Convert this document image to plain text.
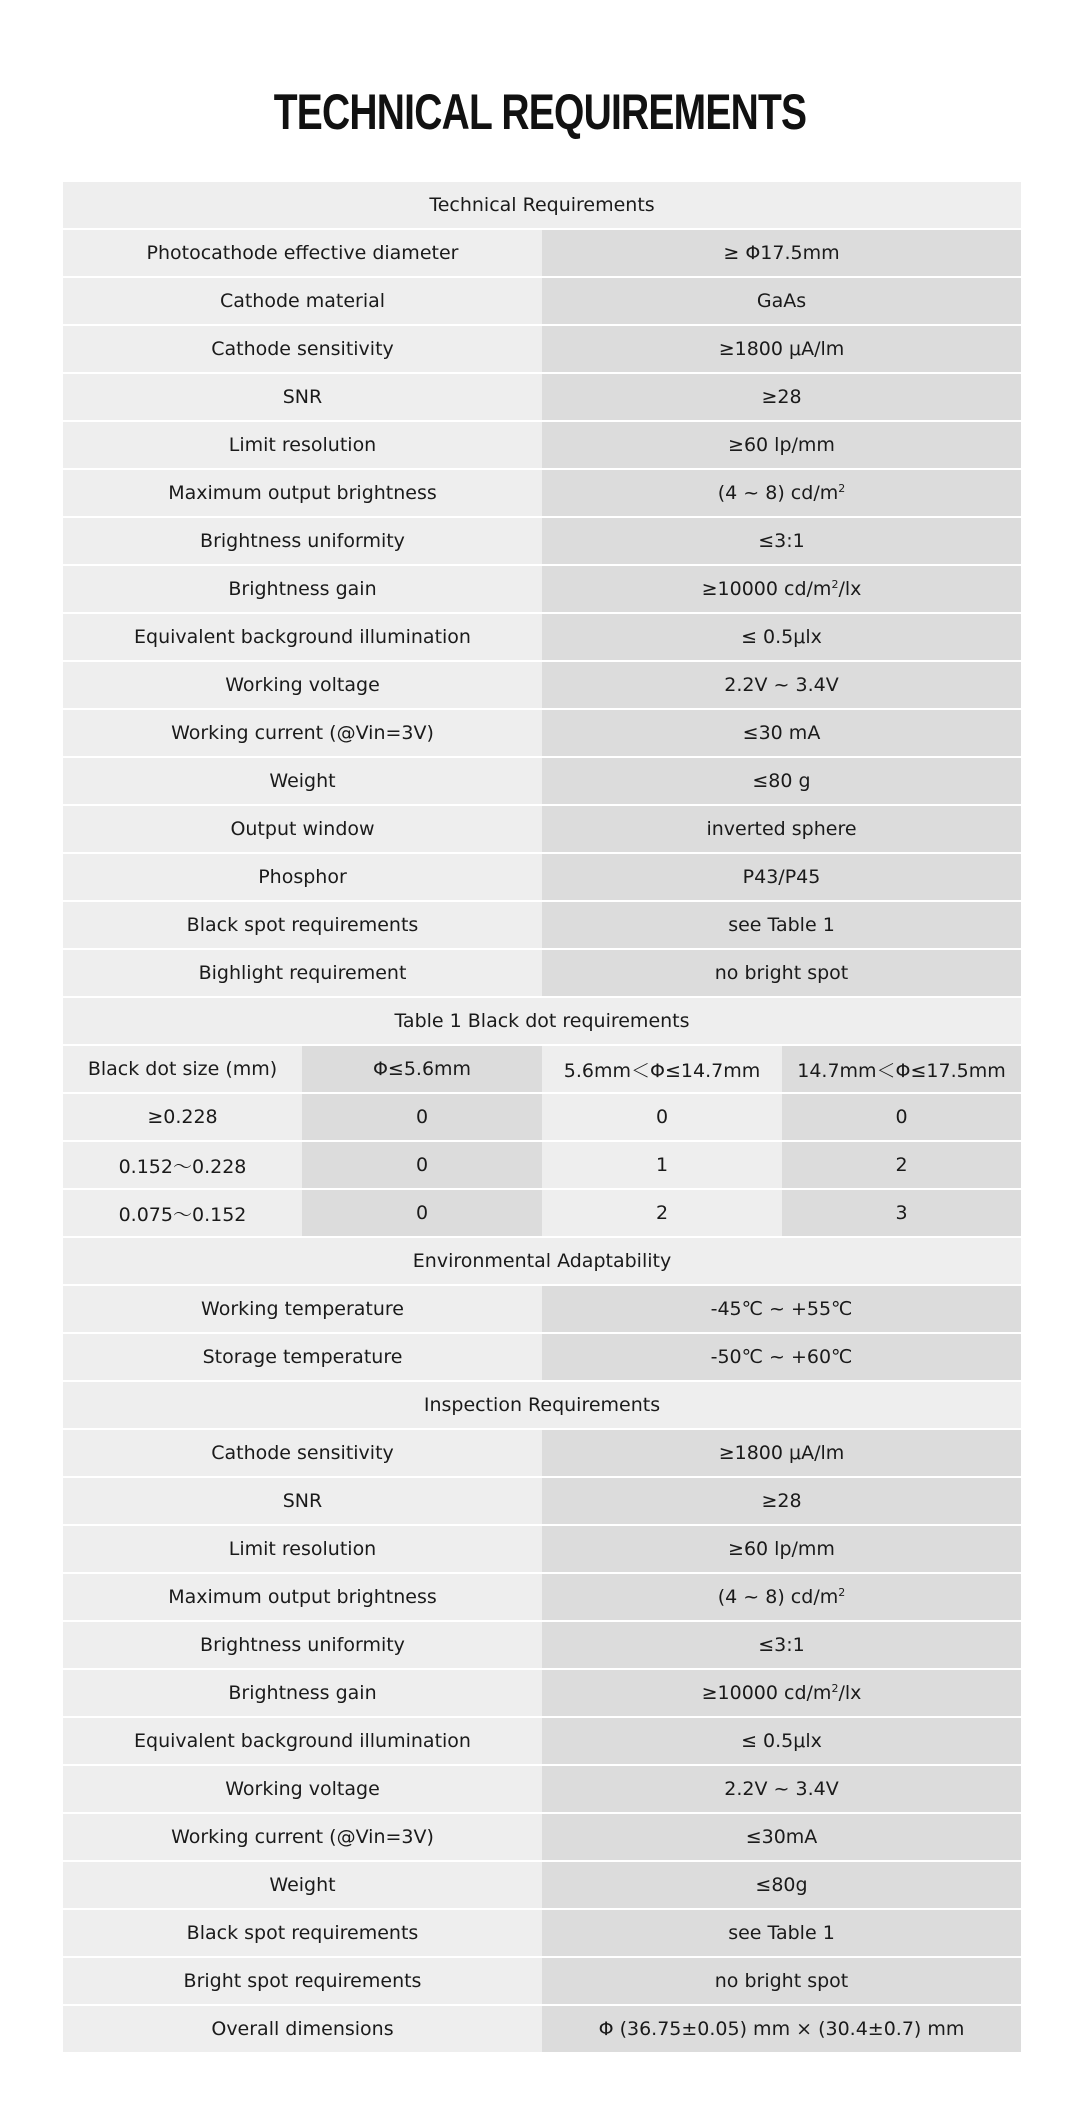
TECHNICAL REQUIREMENTS
Technical Requirements			
Photocathode effective diameter		≥ Φ17.5mm	
Cathode material		GaAs	
Cathode sensitivity		≥1800 μA/lm	
SNR		≥28	
Limit resolution		≥60 lp/mm	
Maximum output brightness		(4 ~ 8) $cd/m^2$
Brightness uniformity		≤3:1	
Brightness gain		≥10000 $cd/m^2/lx$	
Equivalent background illumination		≤ 0.5μlx	
Working voltage		2.2V ~ 3.4V	
Working current (@Vin=3V)		≤30 mA	
Weight		≤80 g	
Output window		inverted sphere	
Phosphor		P43/P45	
Black spot requirements		see Table 1	
Bighlight requirement		no bright spot	
Table 1 Black dot requirements			
Black dot size (mm)	Φ≤5.6mm	5.6mm＜Φ≤14.7mm	14.7mm＜Φ≤17.5mm
≥0.228	0	0	0
0.152～0.228	0	1	2
0.075～0.152	0	2	3
Environmental Adaptability			
Working temperature		-45℃ ~ +55℃	
Storage temperature		-50℃ ~ +60℃	
Inspection Requirements			
Cathode sensitivity		≥1800 μA/lm	
SNR		≥28	
Limit resolution		≥60 lp/mm	
Maximum output brightness		(4 ~ 8) $cd/m^2$
Brightness uniformity		≤3:1	
Brightness gain		≥10000 $cd/m^2/lx$	
Equivalent background illumination		≤ 0.5μlx	
Working voltage		2.2V ~ 3.4V	
Working current (@Vin=3V)		≤30mA	
Weight		≤80g	
Black spot requirements		see Table 1	
Bright spot requirements		no bright spot	
Overall dimensions		Φ (36.75±0.05) mm × (30.4±0.7) mm	
